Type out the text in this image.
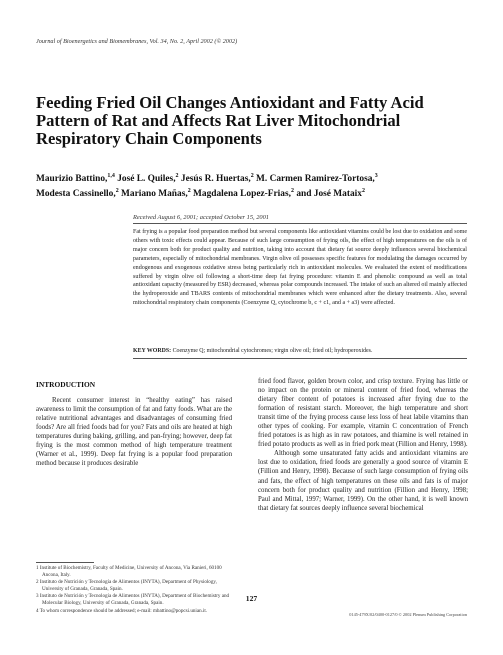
Journal of Bioenergetics and Biomembranes, Vol. 34, No. 2, April 2002 (© 2002)
Feeding Fried Oil Changes Antioxidant and Fatty Acid Pattern of Rat and Affects Rat Liver Mitochondrial Respiratory Chain Components

Maurizio Battino,$^{1,4}$ José L. Quiles,$^2$ Jesús R. Huertas,$^2$ M. Carmen Ramirez-Tortosa,$^3$
Modesta Cassinello,$^2$ Mariano Mañas,$^2$ Magdalena Lopez-Frias,$^2$ and José Mataix$^2$

Received August 6, 2001; accepted October 15, 2001

Fat frying is a popular food preparation method but several components like antioxidant vitamins could be lost due to oxidation and some others with toxic effects could appear. Because of such large consumption of frying oils, the effect of high temperatures on the oils is of major concern both for product quality and nutrition, taking into account that dietary fat source deeply influences several biochemical parameters, especially of mitochondrial membranes. Virgin olive oil possesses specific features for modulating the damages occurred by endogenous and exogenous oxidative stress being particularly rich in antioxidant molecules. We evaluated the extent of modifications suffered by virgin olive oil following a short-time deep fat frying procedure: vitamin E and phenolic compound as well as total antioxidant capacity (measured by ESR) decreased, whereas polar compounds increased. The intake of such an altered oil mainly affected the hydroperoxide and TBARS contents of mitochondrial membranes which were enhanced after the dietary treatments. Also, several mitochondrial respiratory chain components (Coenzyme Q, cytochrome b, c + c1, and a + a3) were affected.

KEY WORDS: Coenzyme Q; mitochondrial cytochromes; virgin olive oil; fried oil; hydroperoxides.

INTRODUCTION

Recent consumer interest in “healthy eating” has raised awareness to limit the consumption of fat and fatty foods. What are the relative nutritional advantages and disadvantages of consuming fried foods? Are all fried foods bad for you? Fats and oils are heated at high temperatures during baking, grilling, and pan-frying; however, deep fat frying is the most common method of high temperature treatment (Warner et al., 1999). Deep fat frying is a popular food preparation method because it produces desirable

fried food flavor, golden brown color, and crisp texture. Frying has little or no impact on the protein or mineral content of fried food, whereas the dietary fiber content of potatoes is increased after frying due to the formation of resistant starch. Moreover, the high temperature and short transit time of the frying process cause less loss of heat labile vitamins than other types of cooking. For example, vitamin C concentration of French fried potatoes is as high as in raw potatoes, and thiamine is well retained in fried potato products as well as in fried pork meat (Fillion and Henry, 1998).

Although some unsaturated fatty acids and antioxidant vitamins are lost due to oxidation, fried foods are generally a good source of vitamin E (Fillion and Henry, 1998). Because of such large consumption of frying oils and fats, the effect of high temperatures on these oils and fats is of major concern both for product quality and nutrition (Fillion and Henry, 1998; Paul and Mittal, 1997; Warner, 1999). On the other hand, it is well known that dietary fat sources deeply influence several biochemical

1 Institute of Biochemistry, Faculty of Medicine, University of Ancona, Via Ranieri, 60100 Ancona, Italy.
2 Instituto de Nutrición y Tecnología de Alimentos (INYTA), Department of Physiology, University of Granada, Granada, Spain.
3 Instituto de Nutrición y Tecnología de Alimentos (INYTA), Department of Biochemistry and Molecular Biology, University of Granada, Granada, Spain.
4 To whom correspondence should be addressed; e-mail: mbattino@popcsi.unian.it.
127
0145-479X/02/0400-0127/0 © 2002 Plenum Publishing Corporation
